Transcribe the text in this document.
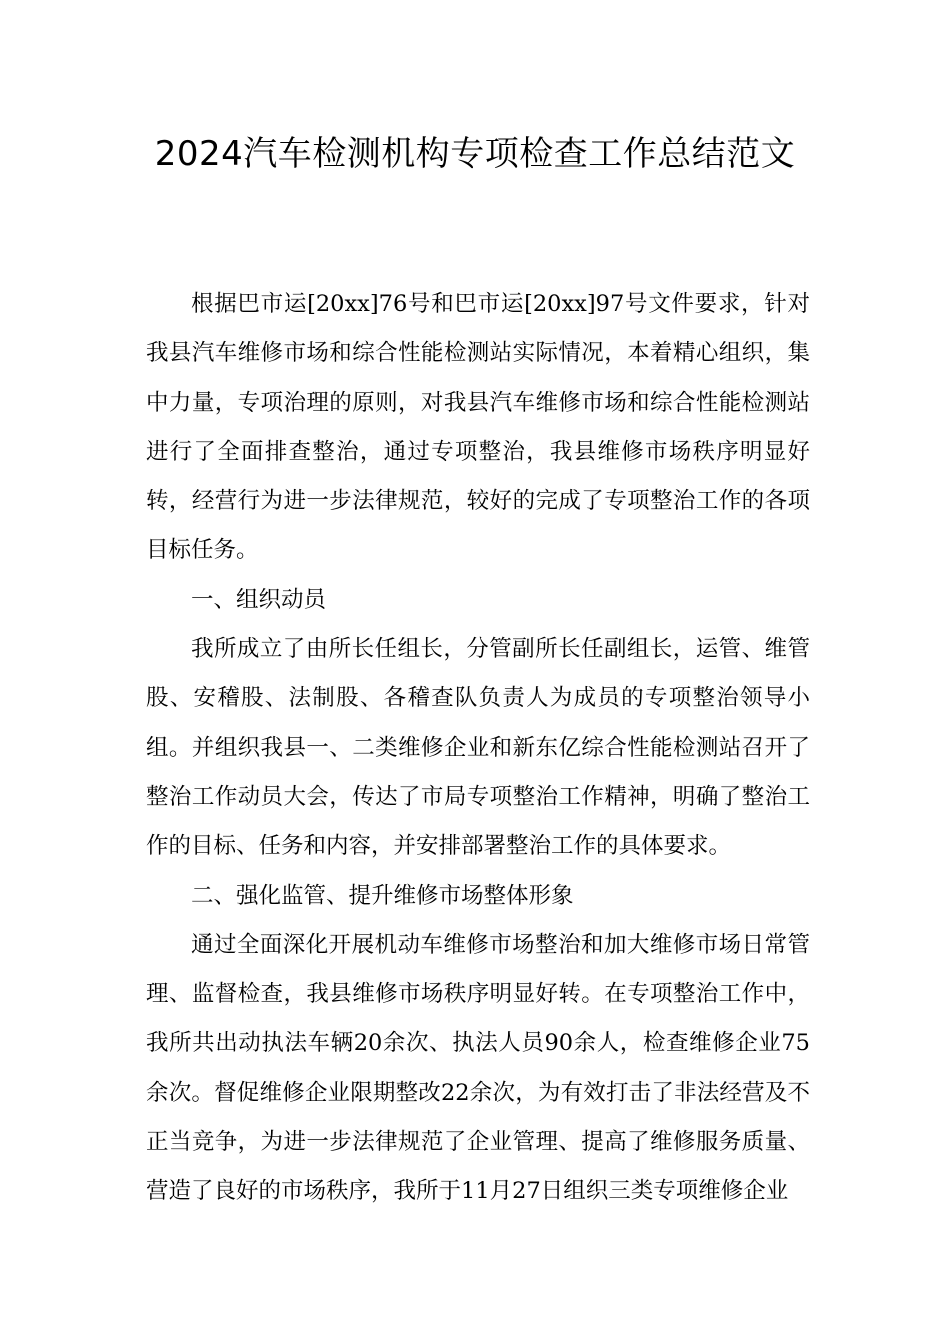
2024汽车检测机构专项检查工作总结范文

根据巴市运[20xx]76号和巴市运[20xx]97号文件要求，针对我县汽车维修市场和综合性能检测站实际情况，本着精心组织，集中力量，专项治理的原则，对我县汽车维修市场和综合性能检测站进行了全面排查整治，通过专项整治，我县维修市场秩序明显好转，经营行为进一步法律规范，较好的完成了专项整治工作的各项目标任务。

一、组织动员

我所成立了由所长任组长，分管副所长任副组长，运管、维管股、安稽股、法制股、各稽查队负责人为成员的专项整治领导小组。并组织我县一、二类维修企业和新东亿综合性能检测站召开了整治工作动员大会，传达了市局专项整治工作精神，明确了整治工作的目标、任务和内容，并安排部署整治工作的具体要求。

二、强化监管、提升维修市场整体形象

通过全面深化开展机动车维修市场整治和加大维修市场日常管理、监督检查，我县维修市场秩序明显好转。在专项整治工作中，我所共出动执法车辆20余次、执法人员90余人，检查维修企业75余次。督促维修企业限期整改22余次，为有效打击了非法经营及不正当竞争，为进一步法律规范了企业管理、提高了维修服务质量、营造了良好的市场秩序，我所于11月27日组织三类专项维修企业
